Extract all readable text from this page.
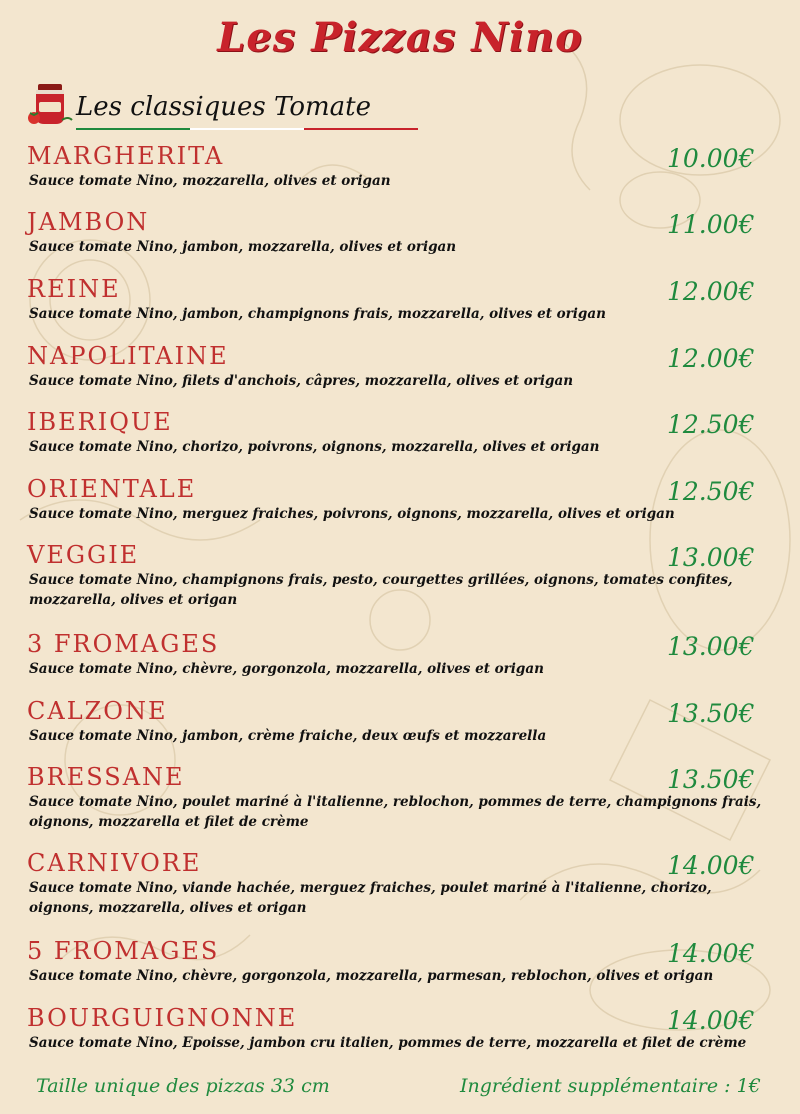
Les Pizzas Nino
Les classiques Tomate
MARGHERITA	10.00€
Sauce tomate Nino, mozzarella, olives et origan
JAMBON	11.00€
Sauce tomate Nino, jambon, mozzarella, olives et origan
REINE	12.00€
Sauce tomate Nino, jambon, champignons frais, mozzarella, olives et origan
NAPOLITAINE	12.00€
Sauce tomate Nino, filets d'anchois, câpres, mozzarella, olives et origan
IBERIQUE	12.50€
Sauce tomate Nino, chorizo, poivrons, oignons, mozzarella, olives et origan
ORIENTALE	12.50€
Sauce tomate Nino, merguez fraiches, poivrons, oignons, mozzarella, olives et origan
VEGGIE	13.00€
Sauce tomate Nino, champignons frais, pesto, courgettes grillées, oignons, tomates confites, mozzarella, olives et origan
3 FROMAGES	13.00€
Sauce tomate Nino, chèvre, gorgonzola, mozzarella, olives et origan
CALZONE	13.50€
Sauce tomate Nino, jambon, crème fraiche, deux œufs et mozzarella
BRESSANE	13.50€
Sauce tomate Nino, poulet mariné à l'italienne, reblochon, pommes de terre, champignons frais, oignons, mozzarella et filet de crème
CARNIVORE	14.00€
Sauce tomate Nino, viande hachée, merguez fraiches, poulet mariné à l'italienne, chorizo, oignons, mozzarella, olives et origan
5 FROMAGES	14.00€
Sauce tomate Nino, chèvre, gorgonzola, mozzarella, parmesan, reblochon, olives et origan
BOURGUIGNONNE	14.00€
Sauce tomate Nino, Epoisse, jambon cru italien, pommes de terre, mozzarella et filet de crème
Taille unique des pizzas 33 cm	Ingrédient supplémentaire : 1€
